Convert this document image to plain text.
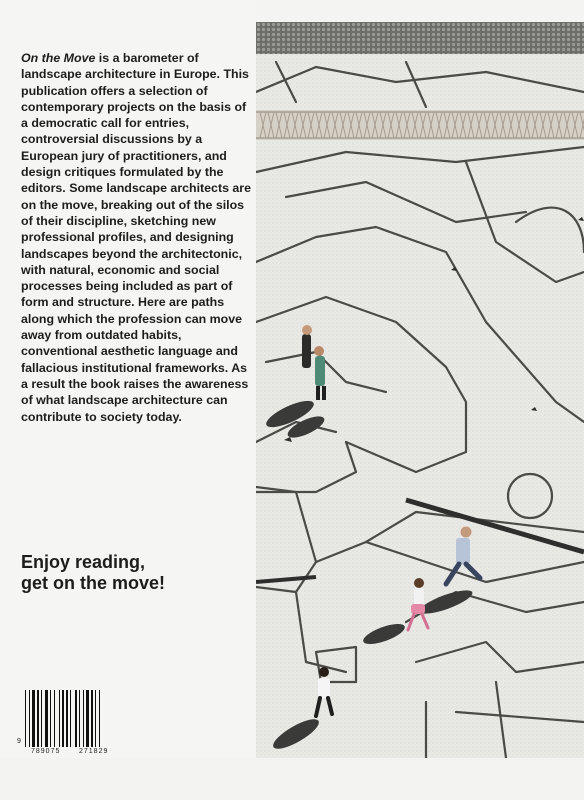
On the Move is a barometer of landscape architecture in Europe. This publication offers a selection of contemporary projects on the basis of a democratic call for entries, controversial discussions by a European jury of practitioners, and design critiques formulated by the editors. Some landscape architects are on the move, breaking out of the silos of their discipline, sketching new professional profiles, and designing landscapes beyond the architectonic, with natural, economic and social processes being included as part of form and structure. Here are paths along which the profession can move away from outdated habits, conventional aesthetic language and fallacious institutional frameworks. As a result the book raises the awareness of what landscape architecture can contribute to society today.

Enjoy reading,
get on the move!
9
789075	271829
